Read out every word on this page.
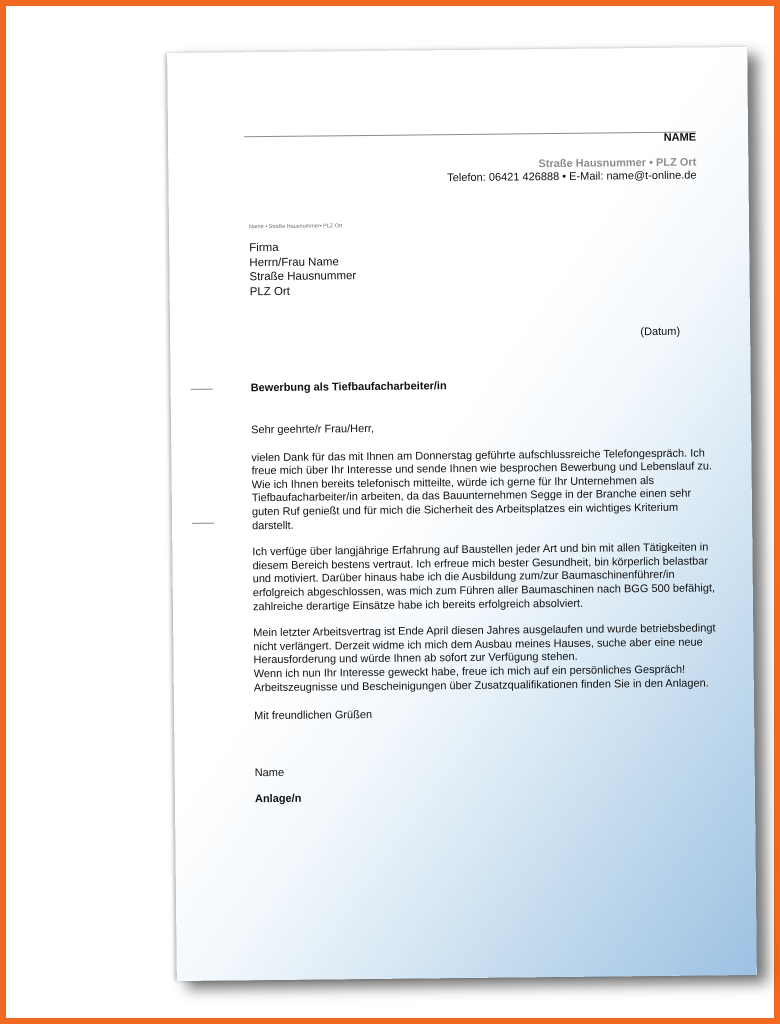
NAME
Straße Hausnummer • PLZ Ort
Telefon: 06421 426888 • E-Mail: name@t-online.de
Name • Straße Hausnummer• PLZ Ort
Firma
Herrn/Frau Name
Straße Hausnummer
PLZ Ort
(Datum)
Bewerbung als Tiefbaufacharbeiter/in

Sehr geehrte/r Frau/Herr,

vielen Dank für das mit Ihnen am Donnerstag geführte aufschlussreiche Telefongespräch. Ich
freue mich über Ihr Interesse und sende Ihnen wie besprochen Bewerbung und Lebenslauf zu.
Wie ich Ihnen bereits telefonisch mitteilte, würde ich gerne für Ihr Unternehmen als
Tiefbaufacharbeiter/in arbeiten, da das Bauunternehmen Segge in der Branche einen sehr
guten Ruf genießt und für mich die Sicherheit des Arbeitsplatzes ein wichtiges Kriterium
darstellt.

Ich verfüge über langjährige Erfahrung auf Baustellen jeder Art und bin mit allen Tätigkeiten in
diesem Bereich bestens vertraut. Ich erfreue mich bester Gesundheit, bin körperlich belastbar
und motiviert. Darüber hinaus habe ich die Ausbildung zum/zur Baumaschinenführer/in
erfolgreich abgeschlossen, was mich zum Führen aller Baumaschinen nach BGG 500 befähigt,
zahlreiche derartige Einsätze habe ich bereits erfolgreich absolviert.

Mein letzter Arbeitsvertrag ist Ende April diesen Jahres ausgelaufen und wurde betriebsbedingt
nicht verlängert. Derzeit widme ich mich dem Ausbau meines Hauses, suche aber eine neue
Herausforderung und würde Ihnen ab sofort zur Verfügung stehen.
Wenn ich nun Ihr Interesse geweckt habe, freue ich mich auf ein persönliches Gespräch!
Arbeitszeugnisse und Bescheinigungen über Zusatzqualifikationen finden Sie in den Anlagen.

Mit freundlichen Grüßen
Name
Anlage/n
